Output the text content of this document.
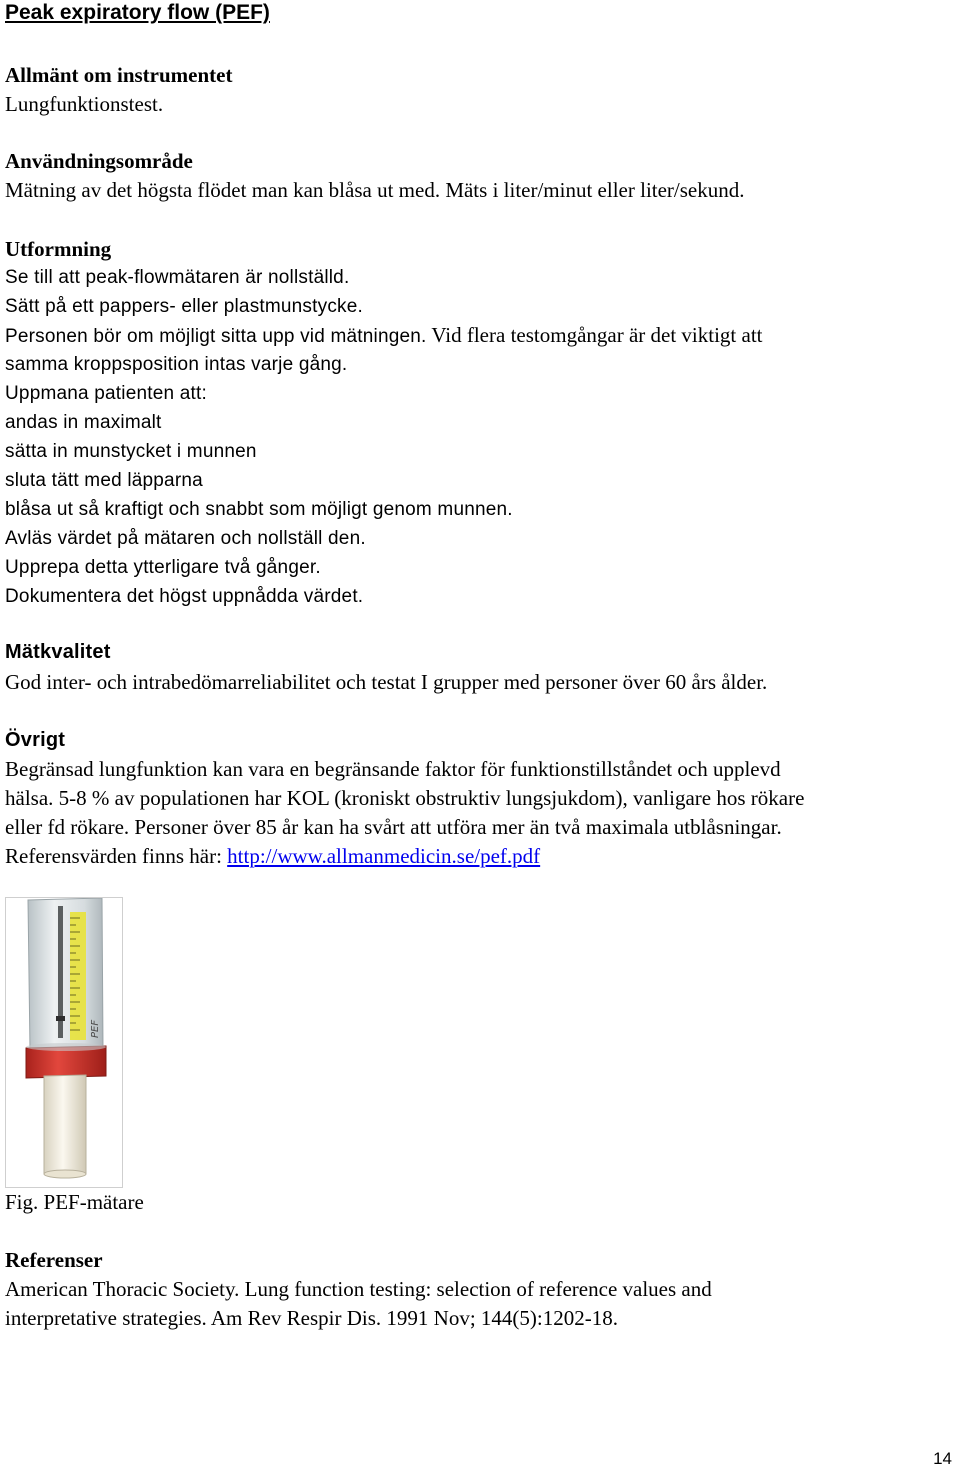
Peak expiratory flow (PEF)
Allmänt om instrumentet
Lungfunktionstest.
Användningsområde
Mätning av det högsta flödet man kan blåsa ut med. Mäts i liter/minut eller liter/sekund.
Utformning
Se till att peak-flowmätaren är nollställd.
Sätt på ett pappers- eller plastmunstycke.
Personen bör om möjligt sitta upp vid mätningen. Vid flera testomgångar är det viktigt att
samma kroppsposition intas varje gång.
Uppmana patienten att:
andas in maximalt
sätta in munstycket i munnen
sluta tätt med läpparna
blåsa ut så kraftigt och snabbt som möjligt genom munnen.
Avläs värdet på mätaren och nollställ den.
Upprepa detta ytterligare två gånger.
Dokumentera det högst uppnådda värdet.
Mätkvalitet
God inter- och intrabedömarreliabilitet och testat I grupper med personer över 60 års ålder.
Övrigt
Begränsad lungfunktion kan vara en begränsande faktor för funktionstillståndet och upplevd
hälsa. 5-8 % av populationen har KOL (kroniskt obstruktiv lungsjukdom), vanligare hos rökare
eller fd rökare. Personer över 85 år kan ha svårt att utföra mer än två maximala utblåsningar.
Referensvärden finns här: http://www.allmanmedicin.se/pef.pdf
PEF
Fig. PEF-mätare
Referenser
American Thoracic Society. Lung function testing: selection of reference values and
interpretative strategies. Am Rev Respir Dis. 1991 Nov; 144(5):1202-18.
14
